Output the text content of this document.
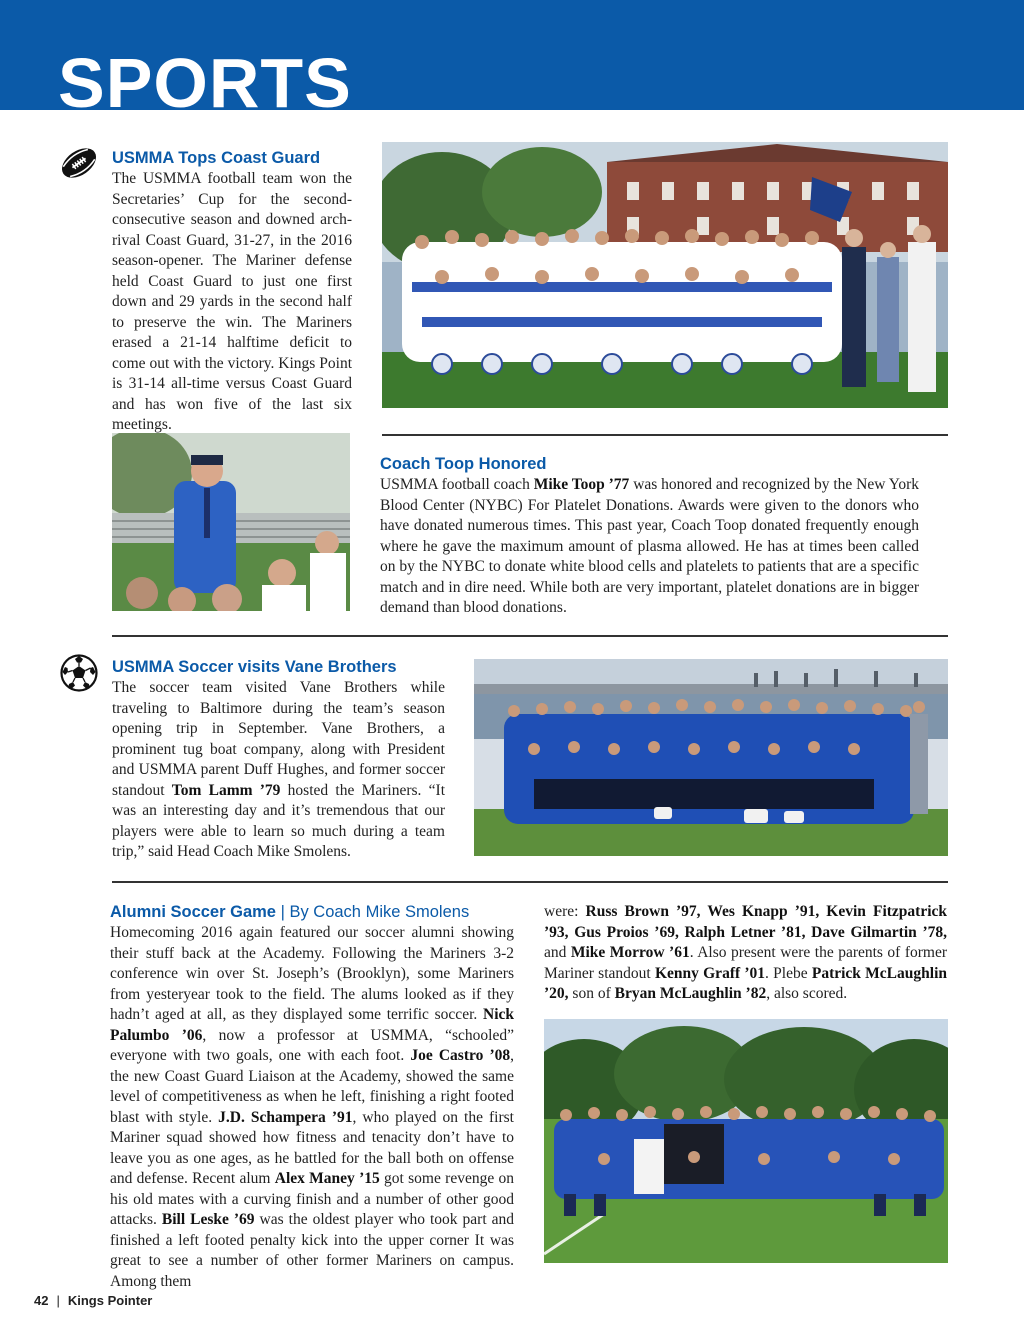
SPORTS
USMMA Tops Coast Guard

The USMMA football team won the Secretaries’ Cup for the second-consecutive season and downed arch-rival Coast Guard, 31-27, in the 2016 season-opener. The Mariner defense held Coast Guard to just one first down and 29 yards in the second half to preserve the win. The Mariners erased a 21-14 halftime deficit to come out with the victory. Kings Point is 31-14 all-time versus Coast Guard and has won five of the last six meetings.

Coach Toop Honored

USMMA football coach Mike Toop ’77 was honored and recognized by the New York Blood Center (NYBC) For Platelet Donations. Awards were given to the donors who have donated numerous times. This past year, Coach Toop donated frequently enough where he gave the maximum amount of plasma allowed. He has at times been called on by the NYBC to donate white blood cells and platelets to patients that are a specific match and in dire need. While both are very important, platelet donations are in bigger demand than blood donations.

USMMA Soccer visits Vane Brothers

The soccer team visited Vane Brothers while traveling to Baltimore during the team’s season opening trip in September. Vane Brothers, a prominent tug boat company, along with President and USMMA parent Duff Hughes, and former soccer standout Tom Lamm ’79 hosted the Mariners. “It was an interesting day and it’s tremendous that our players were able to learn so much during a team trip,” said Head Coach Mike Smolens.

Alumni Soccer Game | By Coach Mike Smolens

Homecoming 2016 again featured our soccer alumni showing their stuff back at the Academy. Following the Mariners 3-2 conference win over St. Joseph’s (Brooklyn), some Mariners from yesteryear took to the field. The alums looked as if they hadn’t aged at all, as they displayed some terrific soccer. Nick Palumbo ’06, now a professor at USMMA, “schooled” everyone with two goals, one with each foot. Joe Castro ’08, the new Coast Guard Liaison at the Academy, showed the same level of competitiveness as when he left, finishing a right footed blast with style. J.D. Schampera ’91, who played on the first Mariner squad showed how fitness and tenacity don’t have to leave you as one ages, as he battled for the ball both on offense and defense. Recent alum Alex Maney ’15 got some revenge on his old mates with a curving finish and a number of other good attacks. Bill Leske ’69 was the oldest player who took part and finished a left footed penalty kick into the upper corner It was great to see a number of other former Mariners on campus. Among them

were: Russ Brown ’97, Wes Knapp ’91, Kevin Fitzpatrick ’93, Gus Proios ’69, Ralph Letner ’81, Dave Gilmartin ’78, and Mike Morrow ’61. Also present were the parents of former Mariner standout Kenny Graff ’01. Plebe Patrick McLaughlin ’20, son of Bryan McLaughlin ’82, also scored.

42 | Kings Pointer
